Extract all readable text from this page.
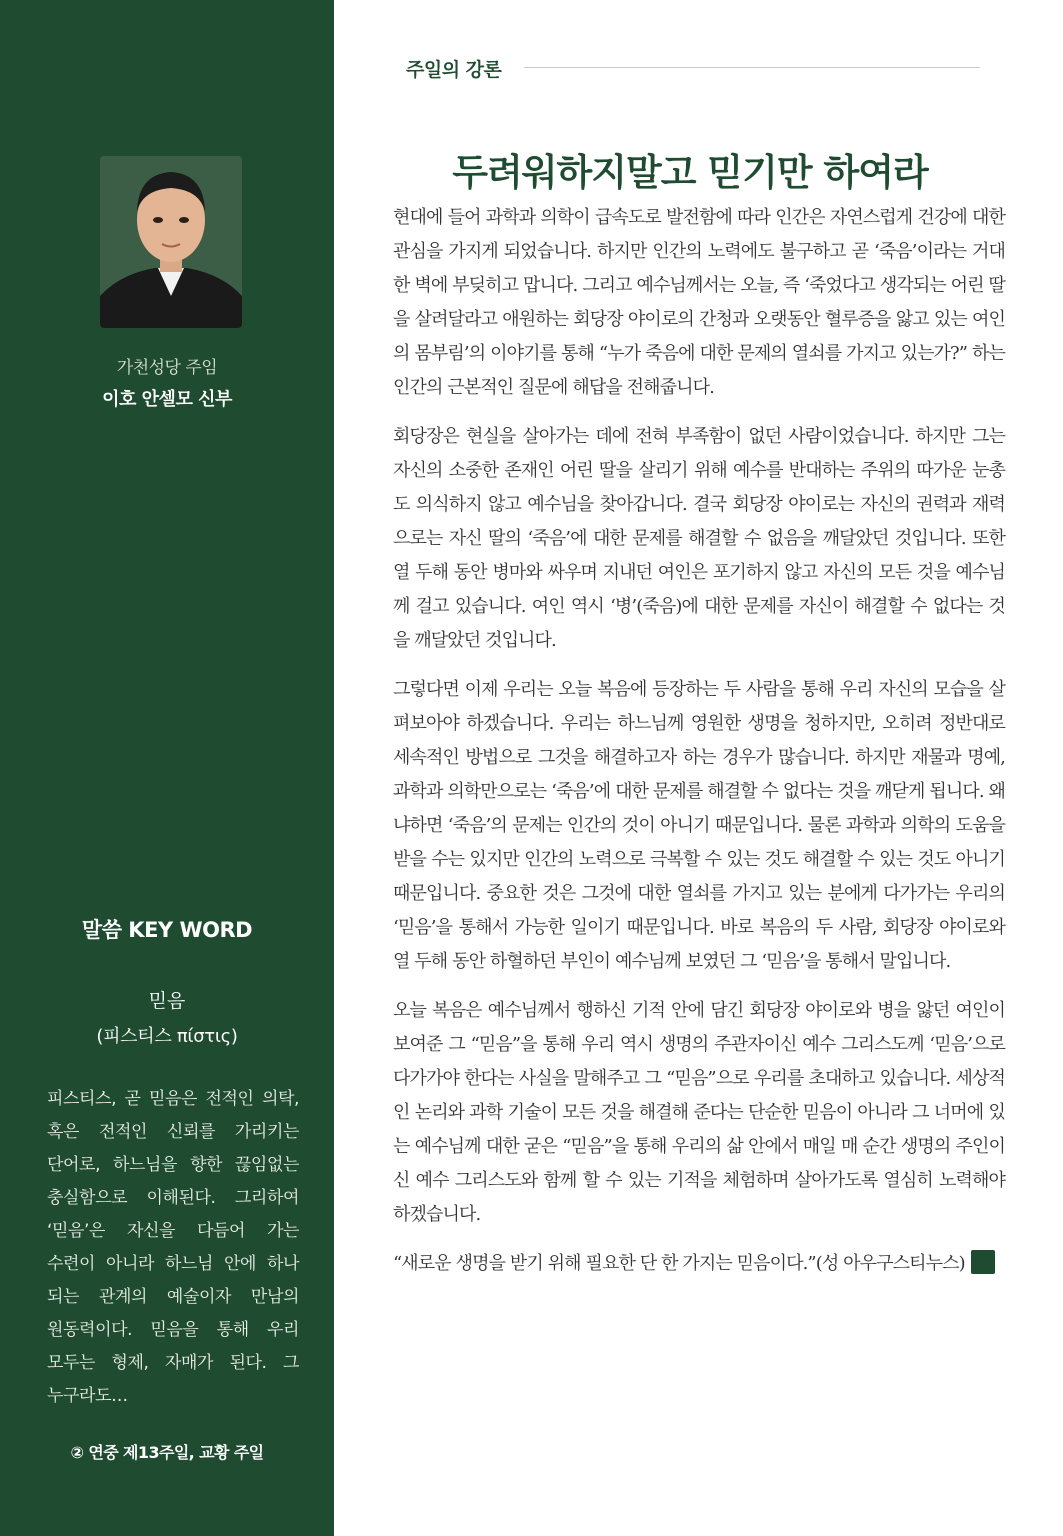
가천성당 주임
이호 안셀모 신부
말씀 KEY WORD
믿음
(피스티스 πίστις)
피스티스, 곧 믿음은 전적인 의탁, 혹은 전적인 신뢰를 가리키는 단어로, 하느님을 향한 끊임없는 충실함으로 이해된다. 그리하여 ‘믿음’은 자신을 다듬어 가는 수련이 아니라 하느님 안에 하나 되는 관계의 예술이자 만남의 원동력이다. 믿음을 통해 우리 모두는 형제, 자매가 된다. 그 누구라도…
② 연중 제13주일, 교황 주일
주일의 강론
두려워하지말고 믿기만 하여라

현대에 들어 과학과 의학이 급속도로 발전함에 따라 인간은 자연스럽게 건강에 대한 관심을 가지게 되었습니다. 하지만 인간의 노력에도 불구하고 곧 ‘죽음’이라는 거대한 벽에 부딪히고 맙니다. 그리고 예수님께서는 오늘, 즉 ‘죽었다고 생각되는 어린 딸을 살려달라고 애원하는 회당장 야이로의 간청과 오랫동안 혈루증을 앓고 있는 여인의 몸부림’의 이야기를 통해 “누가 죽음에 대한 문제의 열쇠를 가지고 있는가?” 하는 인간의 근본적인 질문에 해답을 전해줍니다.

회당장은 현실을 살아가는 데에 전혀 부족함이 없던 사람이었습니다. 하지만 그는 자신의 소중한 존재인 어린 딸을 살리기 위해 예수를 반대하는 주위의 따가운 눈총도 의식하지 않고 예수님을 찾아갑니다. 결국 회당장 야이로는 자신의 권력과 재력으로는 자신 딸의 ‘죽음’에 대한 문제를 해결할 수 없음을 깨달았던 것입니다. 또한 열 두해 동안 병마와 싸우며 지내던 여인은 포기하지 않고 자신의 모든 것을 예수님께 걸고 있습니다. 여인 역시 ‘병’(죽음)에 대한 문제를 자신이 해결할 수 없다는 것을 깨달았던 것입니다.

그렇다면 이제 우리는 오늘 복음에 등장하는 두 사람을 통해 우리 자신의 모습을 살펴보아야 하겠습니다. 우리는 하느님께 영원한 생명을 청하지만, 오히려 정반대로 세속적인 방법으로 그것을 해결하고자 하는 경우가 많습니다. 하지만 재물과 명예, 과학과 의학만으로는 ‘죽음’에 대한 문제를 해결할 수 없다는 것을 깨닫게 됩니다. 왜냐하면 ‘죽음’의 문제는 인간의 것이 아니기 때문입니다. 물론 과학과 의학의 도움을 받을 수는 있지만 인간의 노력으로 극복할 수 있는 것도 해결할 수 있는 것도 아니기 때문입니다. 중요한 것은 그것에 대한 열쇠를 가지고 있는 분에게 다가가는 우리의 ‘믿음’을 통해서 가능한 일이기 때문입니다. 바로 복음의 두 사람, 회당장 야이로와 열 두해 동안 하혈하던 부인이 예수님께 보였던 그 ‘믿음’을 통해서 말입니다.

오늘 복음은 예수님께서 행하신 기적 안에 담긴 회당장 야이로와 병을 앓던 여인이 보여준 그 “믿음”을 통해 우리 역시 생명의 주관자이신 예수 그리스도께 ‘믿음’으로 다가가야 한다는 사실을 말해주고 그 “믿음”으로 우리를 초대하고 있습니다. 세상적인 논리와 과학 기술이 모든 것을 해결해 준다는 단순한 믿음이 아니라 그 너머에 있는 예수님께 대한 굳은 “믿음”을 통해 우리의 삶 안에서 매일 매 순간 생명의 주인이신 예수 그리스도와 함께 할 수 있는 기적을 체험하며 살아가도록 열심히 노력해야 하겠습니다.

“새로운 생명을 받기 위해 필요한 단 한 가지는 믿음이다.”(성 아우구스티누스)
